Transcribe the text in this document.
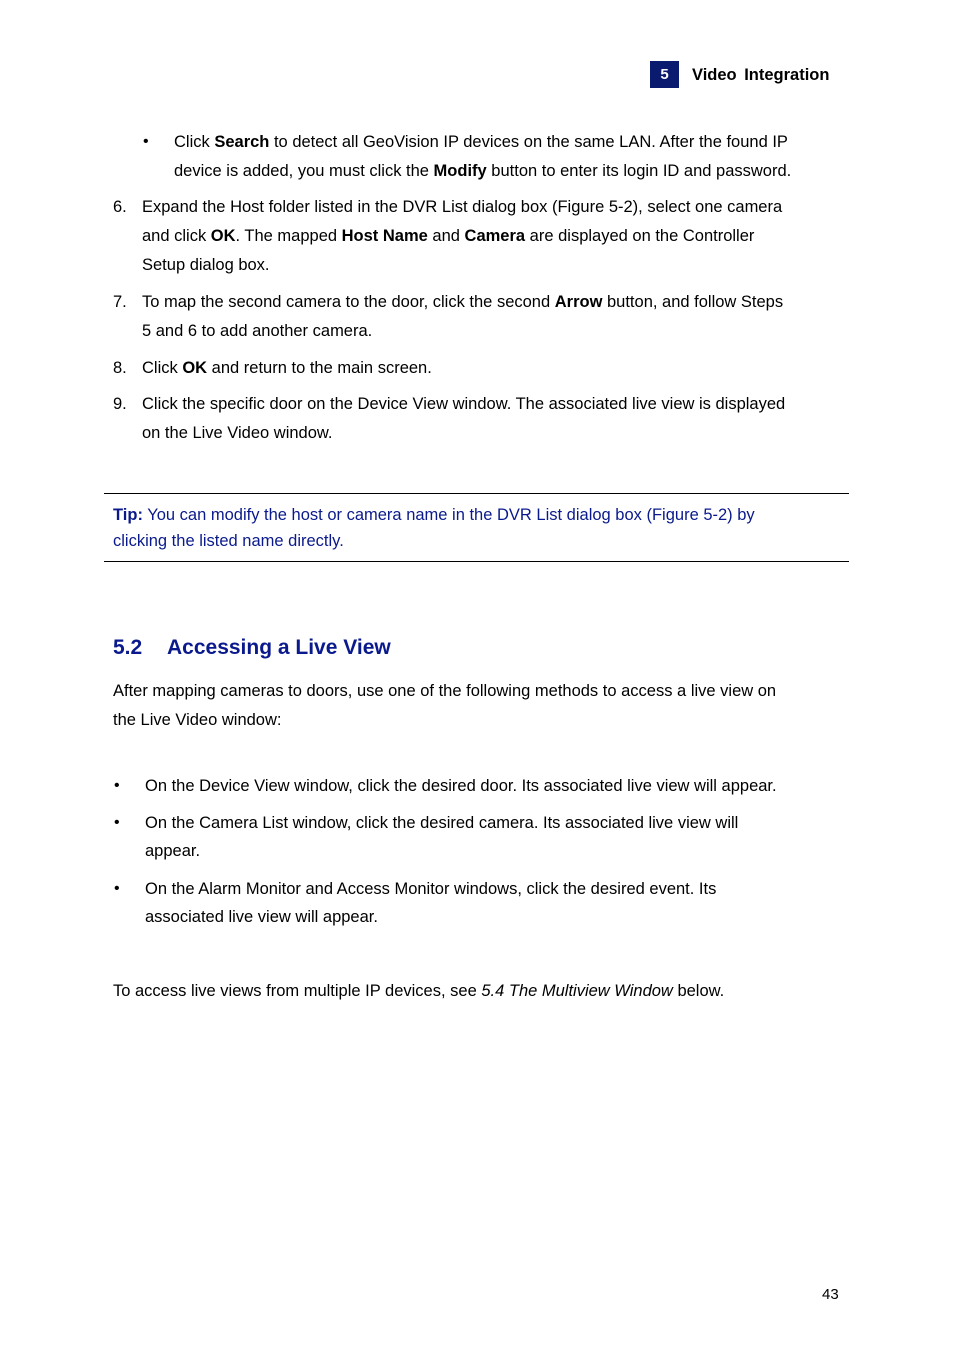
5	Video Integration
• Click Search to detect all GeoVision IP devices on the same LAN. After the found IP
device is added, you must click the Modify button to enter its login ID and password.
6. Expand the Host folder listed in the DVR List dialog box (Figure 5-2), select one camera
and click OK. The mapped Host Name and Camera are displayed on the Controller
Setup dialog box.
7. To map the second camera to the door, click the second Arrow button, and follow Steps
5 and 6 to add another camera.
8. Click OK and return to the main screen.
9. Click the specific door on the Device View window. The associated live view is displayed
on the Live Video window.
Tip: You can modify the host or camera name in the DVR List dialog box (Figure 5-2) by
clicking the listed name directly.
5.2 Accessing a Live View
After mapping cameras to doors, use one of the following methods to access a live view on
the Live Video window:
• On the Device View window, click the desired door. Its associated live view will appear.
• On the Camera List window, click the desired camera. Its associated live view will
appear.
• On the Alarm Monitor and Access Monitor windows, click the desired event. Its
associated live view will appear.
To access live views from multiple IP devices, see 5.4 The Multiview Window below.
43
